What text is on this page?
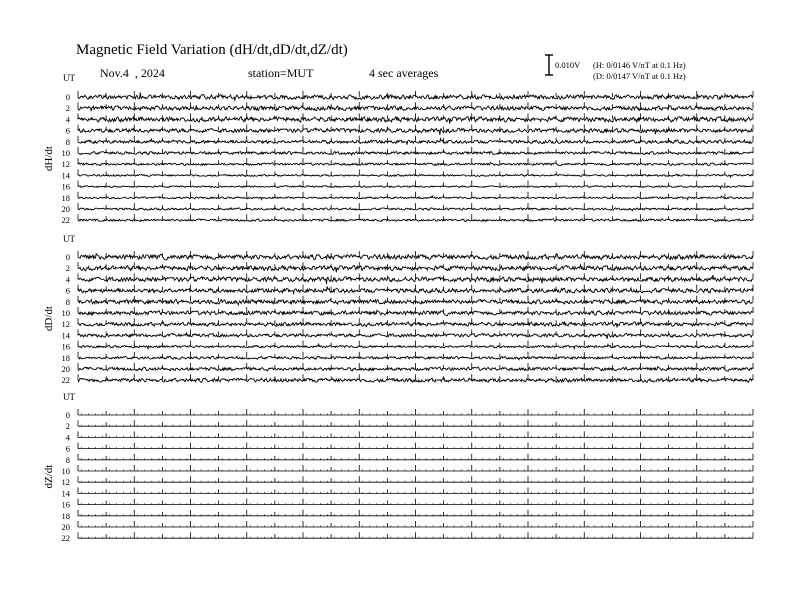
Magnetic Field Variation (dH/dt,dD/dt,dZ/dt)
Nov.4  , 2024	station=MUT	4 sec averages
0.010V (H: 0/0146 V/nT at 0.1 Hz)
(D: 0/0147 V/nT at 0.1 Hz)
UT
dH/dt
0
2
4
6
8
10
12
14
16
18
20
22
UT
dD/dt
0
2
4
6
8
10
12
14
16
18
20
22
UT
dZ/dt
0
2
4
6
8
10
12
14
16
18
20
22
